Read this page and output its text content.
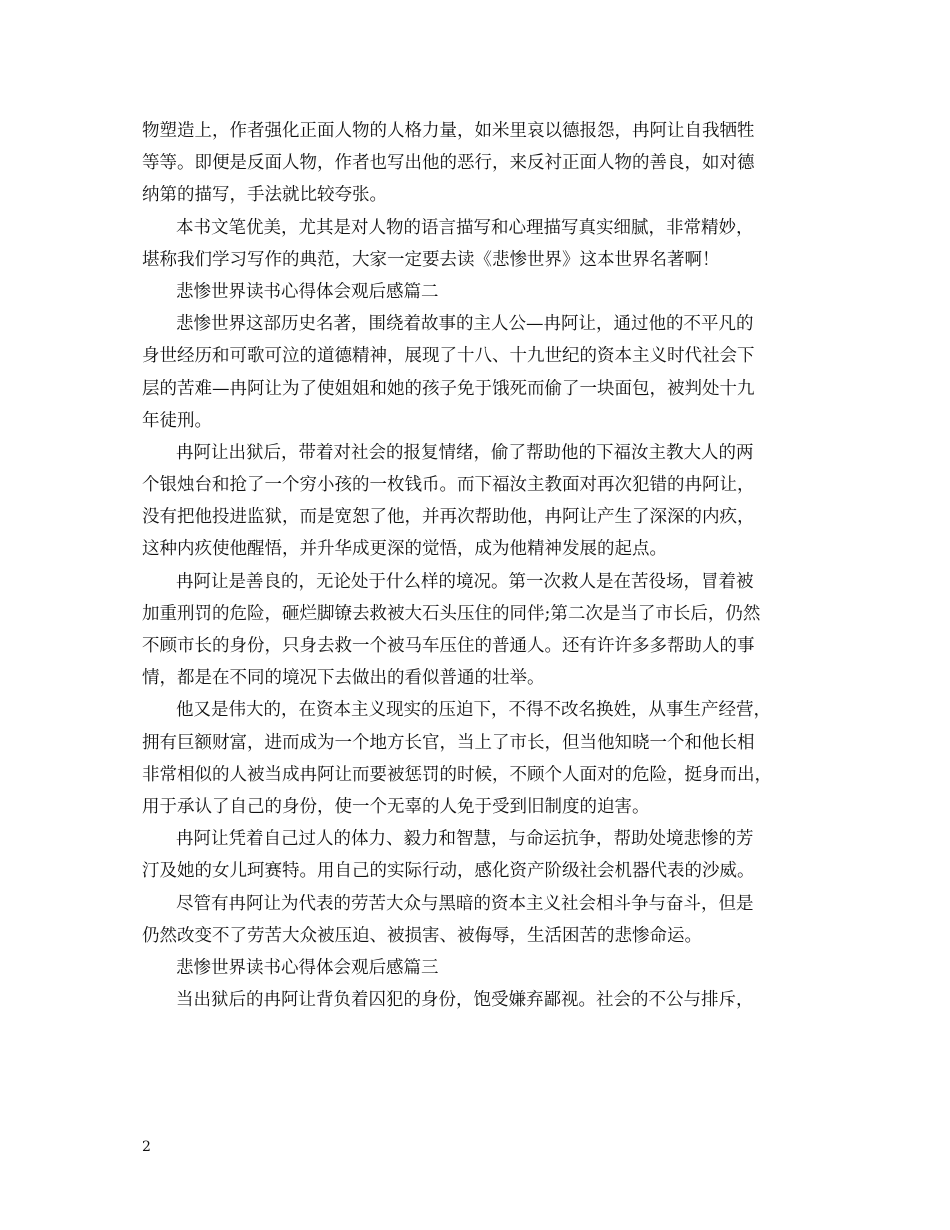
物塑造上，作者强化正面人物的人格力量，如米里哀以德报怨，冉阿让自我牺牲
等等。即便是反面人物，作者也写出他的恶行，来反衬正面人物的善良，如对德
纳第的描写，手法就比较夸张。
本书文笔优美，尤其是对人物的语言描写和心理描写真实细腻，非常精妙，
堪称我们学习写作的典范，大家一定要去读《悲惨世界》这本世界名著啊！
悲惨世界读书心得体会观后感篇二
悲惨世界这部历史名著，围绕着故事的主人公—冉阿让，通过他的不平凡的
身世经历和可歌可泣的道德精神，展现了十八、十九世纪的资本主义时代社会下
层的苦难—冉阿让为了使姐姐和她的孩子免于饿死而偷了一块面包，被判处十九
年徒刑。
冉阿让出狱后，带着对社会的报复情绪，偷了帮助他的下福汝主教大人的两
个银烛台和抢了一个穷小孩的一枚钱币。而下福汝主教面对再次犯错的冉阿让，
没有把他投进监狱，而是宽恕了他，并再次帮助他，冉阿让产生了深深的内疚，
这种内疚使他醒悟，并升华成更深的觉悟，成为他精神发展的起点。
冉阿让是善良的，无论处于什么样的境况。第一次救人是在苦役场，冒着被
加重刑罚的危险，砸烂脚镣去救被大石头压住的同伴;第二次是当了市长后，仍然
不顾市长的身份，只身去救一个被马车压住的普通人。还有许许多多帮助人的事
情，都是在不同的境况下去做出的看似普通的壮举。
他又是伟大的，在资本主义现实的压迫下，不得不改名换姓，从事生产经营，
拥有巨额财富，进而成为一个地方长官，当上了市长，但当他知晓一个和他长相
非常相似的人被当成冉阿让而要被惩罚的时候，不顾个人面对的危险，挺身而出，
用于承认了自己的身份，使一个无辜的人免于受到旧制度的迫害。
冉阿让凭着自己过人的体力、毅力和智慧，与命运抗争，帮助处境悲惨的芳
汀及她的女儿珂赛特。用自己的实际行动，感化资产阶级社会机器代表的沙威。
尽管有冉阿让为代表的劳苦大众与黑暗的资本主义社会相斗争与奋斗，但是
仍然改变不了劳苦大众被压迫、被损害、被侮辱，生活困苦的悲惨命运。
悲惨世界读书心得体会观后感篇三
当出狱后的冉阿让背负着囚犯的身份，饱受嫌弃鄙视。社会的不公与排斥，
2
